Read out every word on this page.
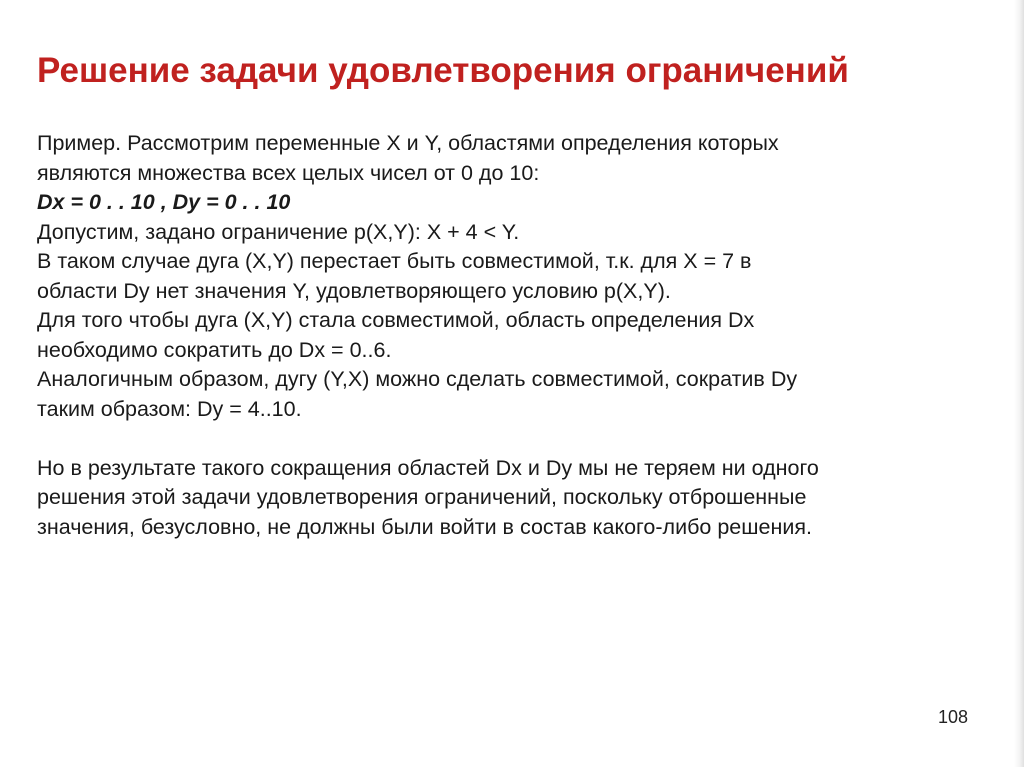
Решение задачи удовлетворения ограничений
Пример. Рассмотрим переменные X и Y, областями определения которых
являются множества всех целых чисел от 0 до 10:
Dx = 0 . . 10 , Dy = 0 . . 10
Допустим, задано ограничение p(X,Y): X + 4 < Y.
В таком случае дуга (X,Y) перестает быть совместимой, т.к. для X = 7 в
области Dy нет значения Y, удовлетворяющего условию p(X,Y).
Для того чтобы дуга (X,Y) стала совместимой, область определения Dx
необходимо сократить до Dx = 0..6.
Аналогичным образом, дугу (Y,X) можно сделать совместимой, сократив Dy
таким образом: Dy = 4..10.
Но в результате такого сокращения областей Dx и Dy мы не теряем ни одного
решения этой задачи удовлетворения ограничений, поскольку отброшенные
значения, безусловно, не должны были войти в состав какого-либо решения.
108
